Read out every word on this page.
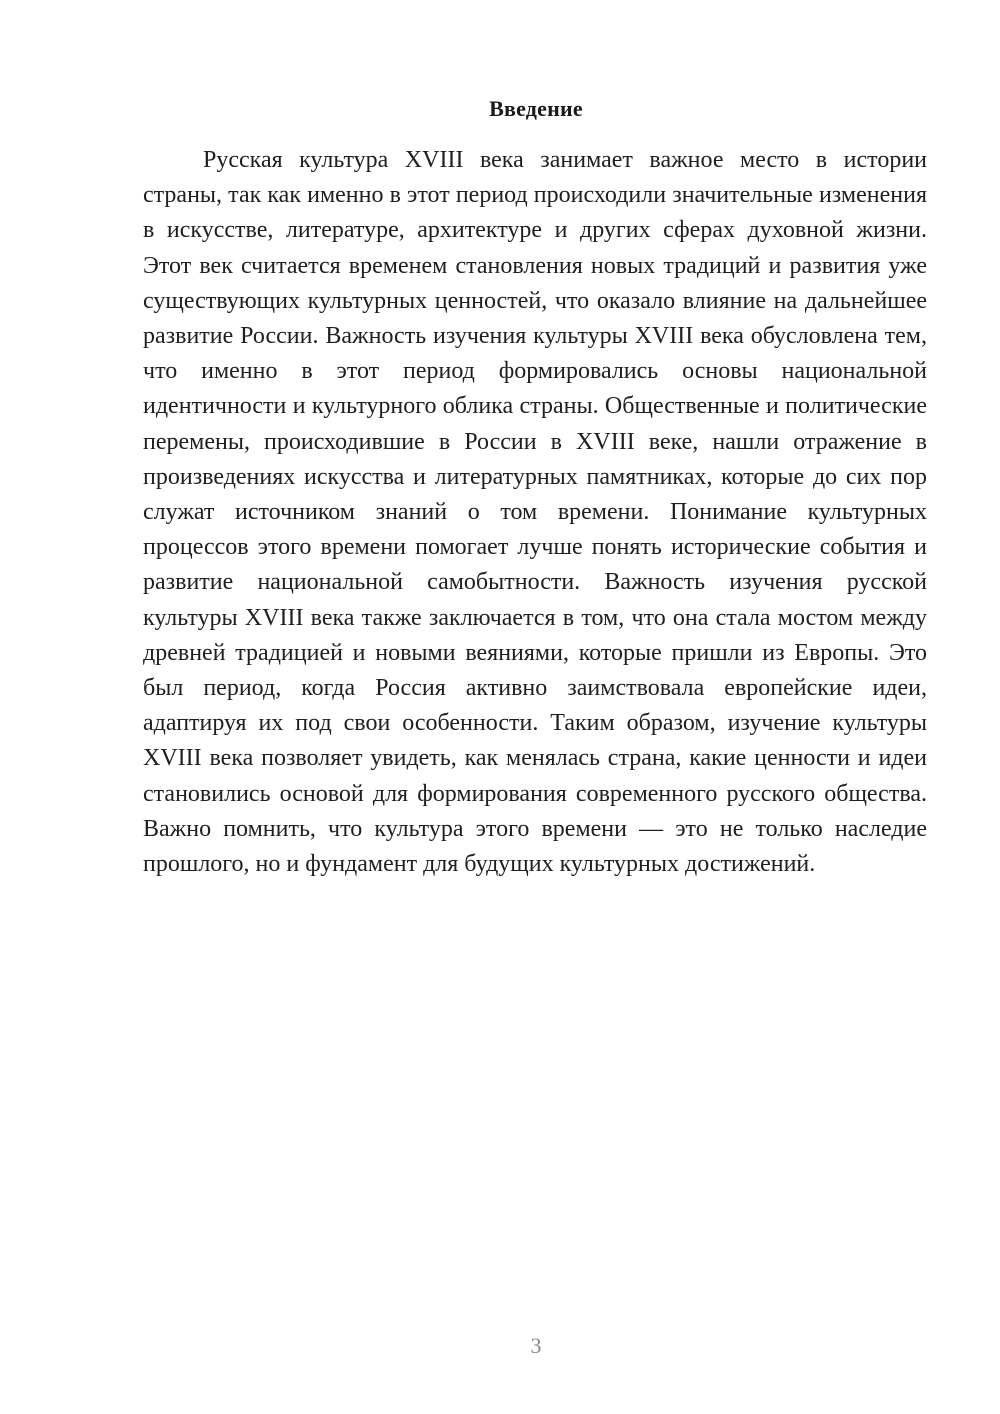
Введение

Русская культура XVIII века занимает важное место в истории страны, так как именно в этот период происходили значительные изменения в искусстве, литературе, архитектуре и других сферах духовной жизни. Этот век считается временем становления новых традиций и развития уже существующих культурных ценностей, что оказало влияние на дальнейшее развитие России. Важность изучения культуры XVIII века обусловлена тем, что именно в этот период формировались основы национальной идентичности и культурного облика страны. Общественные и политические перемены, происходившие в России в XVIII веке, нашли отражение в произведениях искусства и литературных памятниках, которые до сих пор служат источником знаний о том времени. Понимание культурных процессов этого времени помогает лучше понять исторические события и развитие национальной самобытности. Важность изучения русской культуры XVIII века также заключается в том, что она стала мостом между древней традицией и новыми веяниями, которые пришли из Европы. Это был период, когда Россия активно заимствовала европейские идеи, адаптируя их под свои особенности. Таким образом, изучение культуры XVIII века позволяет увидеть, как менялась страна, какие ценности и идеи становились основой для формирования современного русского общества. Важно помнить, что культура этого времени — это не только наследие прошлого, но и фундамент для будущих культурных достижений.

3
